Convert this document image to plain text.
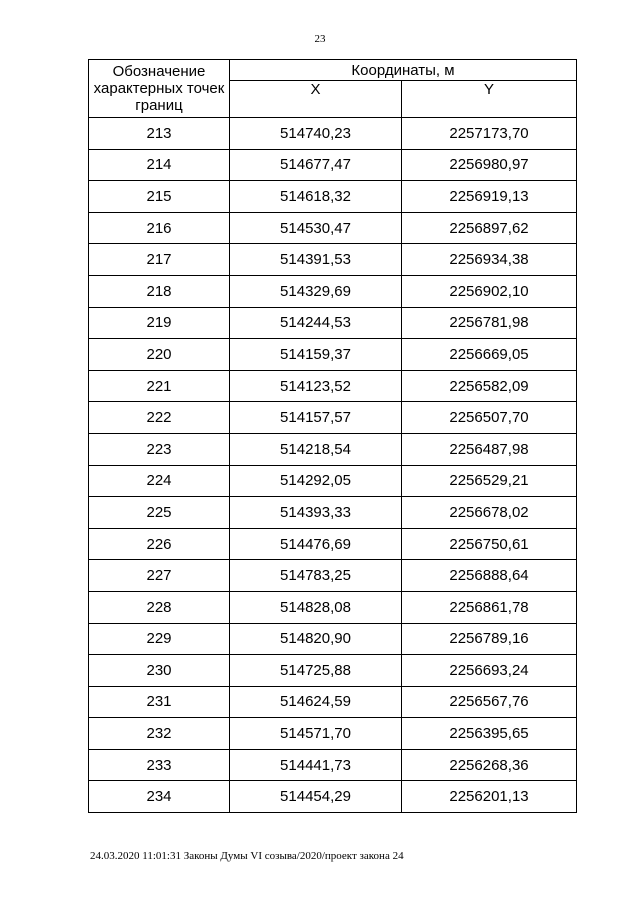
23
Обозначение характерных точек границ	Координаты, м	
	X	Y
213	514740,23	2257173,70
214	514677,47	2256980,97
215	514618,32	2256919,13
216	514530,47	2256897,62
217	514391,53	2256934,38
218	514329,69	2256902,10
219	514244,53	2256781,98
220	514159,37	2256669,05
221	514123,52	2256582,09
222	514157,57	2256507,70
223	514218,54	2256487,98
224	514292,05	2256529,21
225	514393,33	2256678,02
226	514476,69	2256750,61
227	514783,25	2256888,64
228	514828,08	2256861,78
229	514820,90	2256789,16
230	514725,88	2256693,24
231	514624,59	2256567,76
232	514571,70	2256395,65
233	514441,73	2256268,36
234	514454,29	2256201,13
24.03.2020 11:01:31 Законы Думы VI созыва/2020/проект закона 24
